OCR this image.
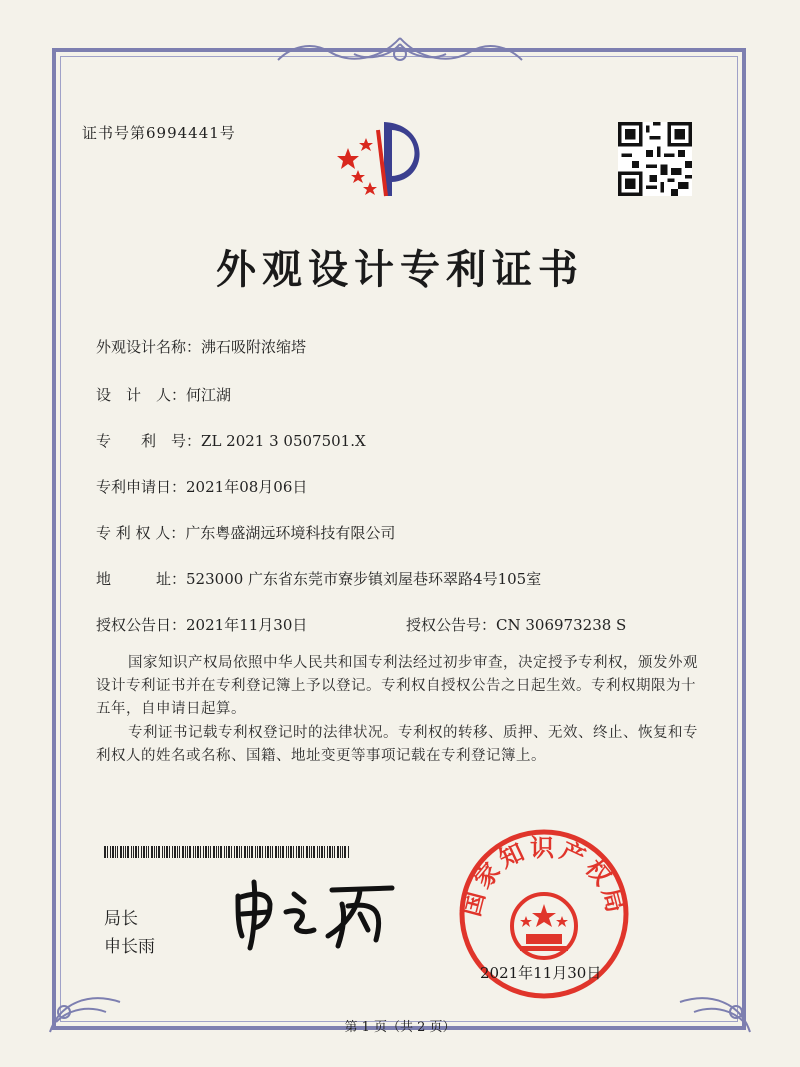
证书号第6994441号
外观设计专利证书
外观设计名称：沸石吸附浓缩塔
设　计　人：何江湖
专　　利　号：ZL 2021 3 0507501.X
专利申请日：2021年08月06日
专 利 权 人：广东粤盛湖远环境科技有限公司
地　　　址：523000 广东省东莞市寮步镇刘屋巷环翠路4号105室
授权公告日：2021年11月30日	授权公告号：CN 306973238 S
国家知识产权局依照中华人民共和国专利法经过初步审查，决定授予专利权，颁发外观设计专利证书并在专利登记簿上予以登记。专利权自授权公告之日起生效。专利权期限为十五年，自申请日起算。
专利证书记载专利权登记时的法律状况。专利权的转移、质押、无效、终止、恢复和专利权人的姓名或名称、国籍、地址变更等事项记载在专利登记簿上。
局长
申长雨
国家知识产权局
2021年11月30日
第 1 页（共 2 页）
